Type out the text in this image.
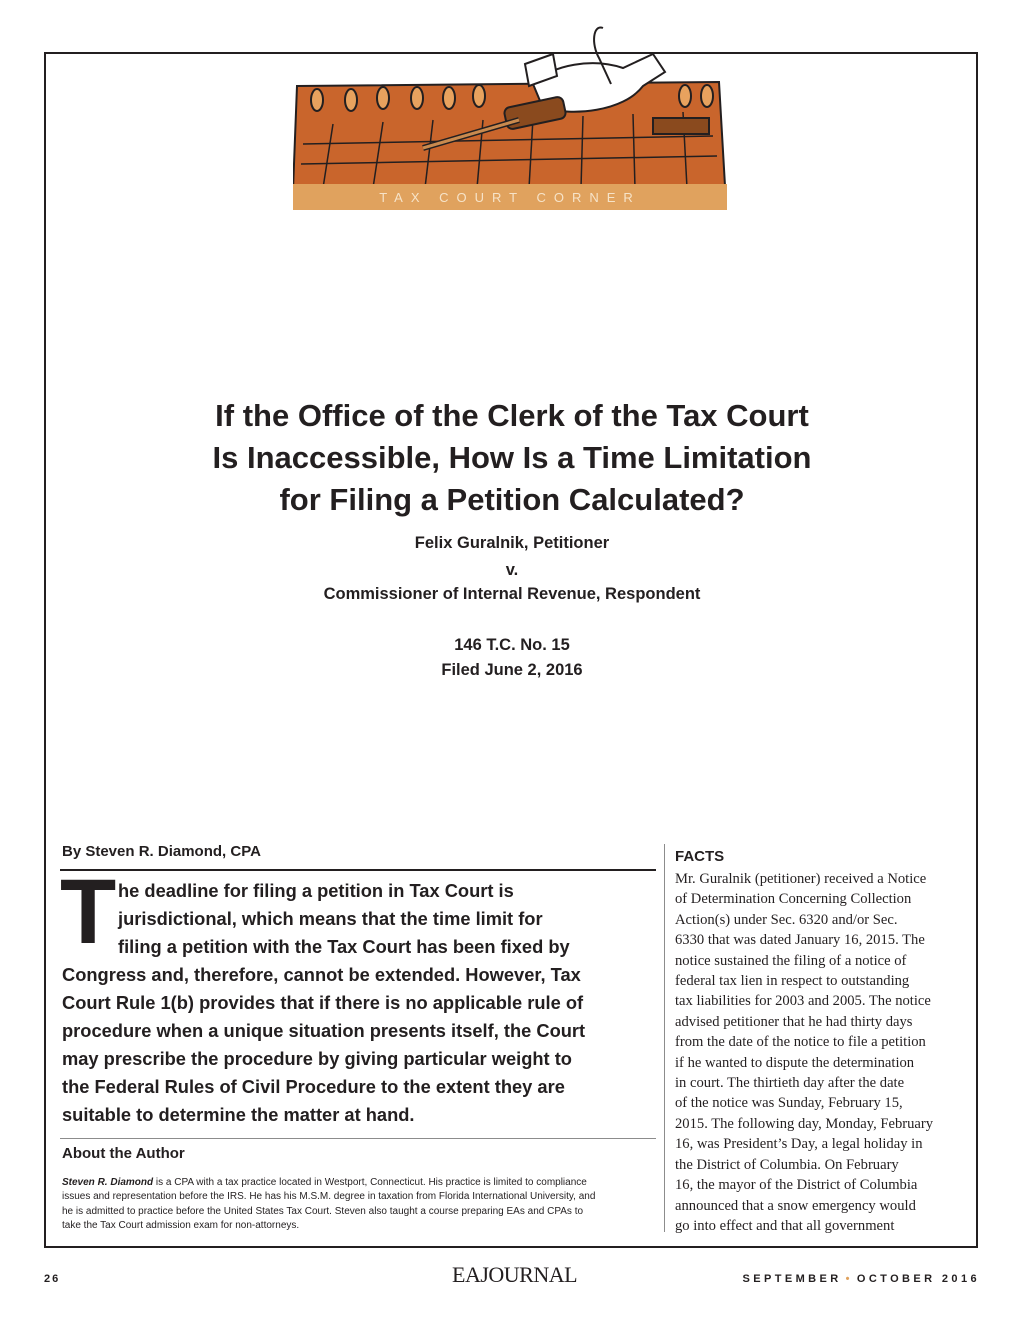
TAX COURT CORNER
If the Office of the Clerk of the Tax Court
Is Inaccessible, How Is a Time Limitation
for Filing a Petition Calculated?

Felix Guralnik, Petitioner

v.

Commissioner of Internal Revenue, Respondent

146 T.C. No. 15

Filed June 2, 2016

By Steven R. Diamond, CPA

T he deadline for filing a petition in Tax Court is
jurisdictional, which means that the time limit for
filing a petition with the Tax Court has been fixed by
Congress and, therefore, cannot be extended. However, Tax
Court Rule 1(b) provides that if there is no applicable rule of
procedure when a unique situation presents itself, the Court
may prescribe the procedure by giving particular weight to
the Federal Rules of Civil Procedure to the extent they are
suitable to determine the matter at hand.

About the Author

Steven R. Diamond is a CPA with a tax practice located in Westport, Connecticut. His practice is limited to compliance
issues and representation before the IRS. He has his M.S.M. degree in taxation from Florida International University, and
he is admitted to practice before the United States Tax Court. Steven also taught a course preparing EAs and CPAs to
take the Tax Court admission exam for non-attorneys.

FACTS

Mr. Guralnik (petitioner) received a Notice
of Determination Concerning Collection
Action(s) under Sec. 6320 and/or Sec.
6330 that was dated January 16, 2015. The
notice sustained the filing of a notice of
federal tax lien in respect to outstanding
tax liabilities for 2003 and 2005. The notice
advised petitioner that he had thirty days
from the date of the notice to file a petition
if he wanted to dispute the determination
in court. The thirtieth day after the date
of the notice was Sunday, February 15,
2015. The following day, Monday, February
16, was President’s Day, a legal holiday in
the District of Columbia. On February
16, the mayor of the District of Columbia
announced that a snow emergency would
go into effect and that all government

26	EAJOURNAL	SEPTEMBER • OCTOBER 2016
